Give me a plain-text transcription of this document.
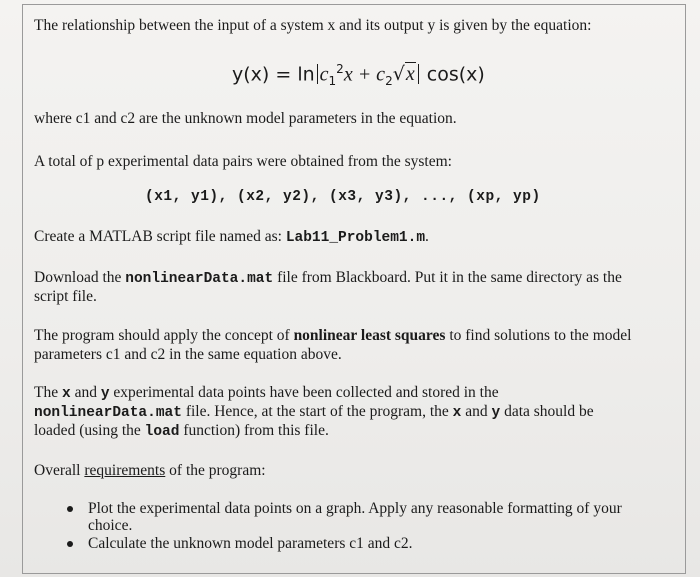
The relationship between the input of a system x and its output y is given by the equation:
$y(x) = \ln c_1^2x + c_2√x$ cos(x)
where c1 and c2 are the unknown model parameters in the equation.
A total of p experimental data pairs were obtained from the system:
(x1, y1), (x2, y2), (x3, y3), ..., (xp, yp)
Create a MATLAB script file named as: Lab11_Problem1.m.
Download the nonlinearData.mat file from Blackboard. Put it in the same directory as the
script file.
The program should apply the concept of nonlinear least squares to find solutions to the model
parameters c1 and c2 in the same equation above.
The x and y experimental data points have been collected and stored in the
nonlinearData.mat file. Hence, at the start of the program, the x and y data should be
loaded (using the load function) from this file.
Overall requirements of the program:
Plot the experimental data points on a graph. Apply any reasonable formatting of your
choice.
Calculate the unknown model parameters c1 and c2.
